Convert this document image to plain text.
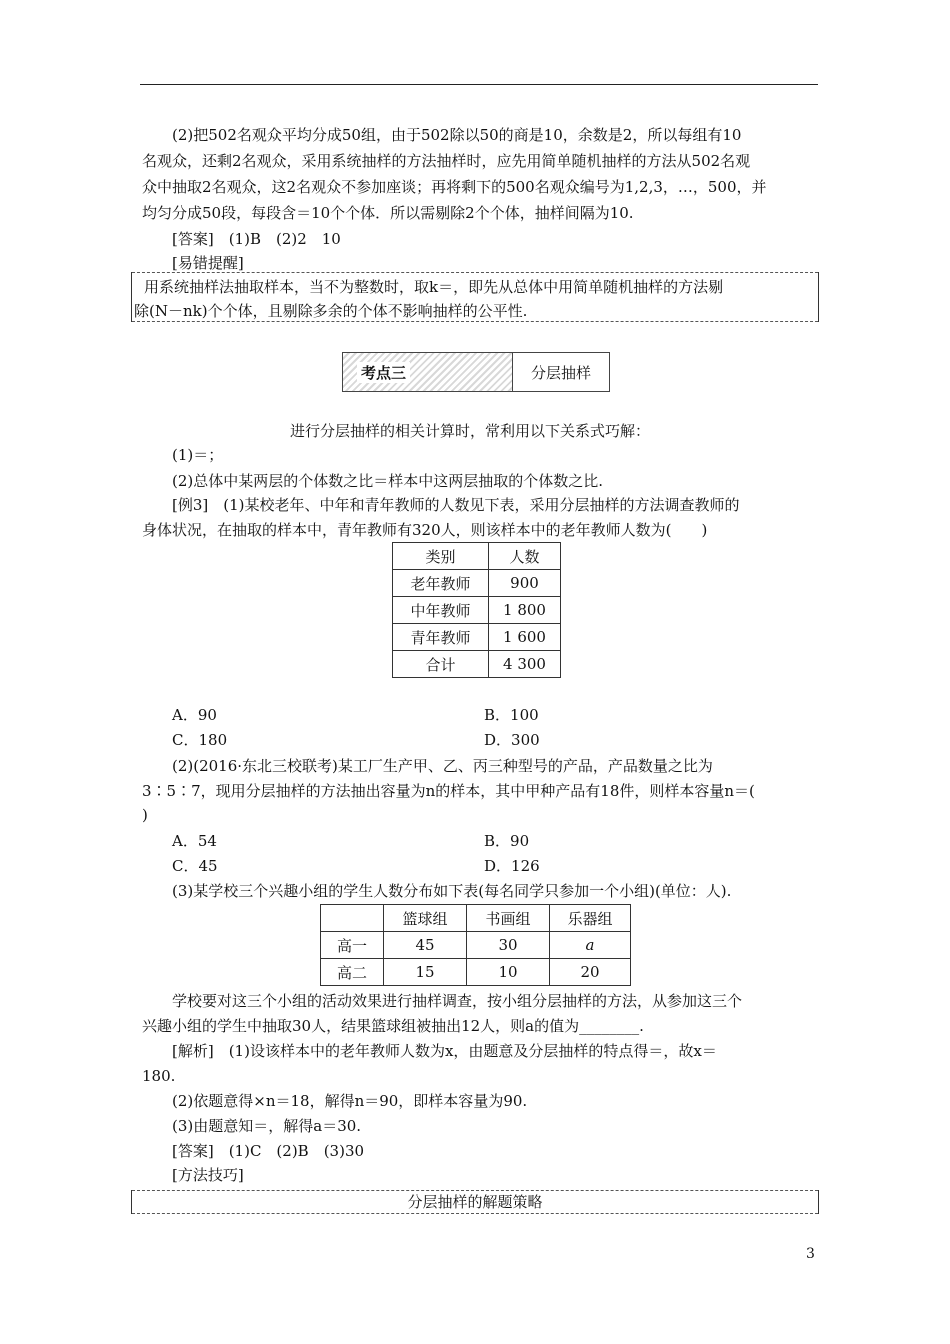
(2)把502名观众平均分成50组，由于502除以50的商是10，余数是2，所以每组有10
名观众，还剩2名观众，采用系统抽样的方法抽样时，应先用简单随机抽样的方法从502名观
众中抽取2名观众，这2名观众不参加座谈；再将剩下的500名观众编号为1,2,3，…，500，并
均匀分成50段，每段含＝10个个体．所以需剔除2个个体，抽样间隔为10.
[答案]　(1)B　(2)2　10
[易错提醒]
用系统抽样法抽取样本，当不为整数时，取k＝，即先从总体中用简单随机抽样的方法剔
除(N－nk)个个体，且剔除多余的个体不影响抽样的公平性.
考点三	分层抽样
进行分层抽样的相关计算时，常利用以下关系式巧解：
(1)＝；
(2)总体中某两层的个体数之比＝样本中这两层抽取的个体数之比.
[例3]　(1)某校老年、中年和青年教师的人数见下表，采用分层抽样的方法调查教师的
身体状况，在抽取的样本中，青年教师有320人，则该样本中的老年教师人数为(　　)
类别	人数
老年教师	900
中年教师	1 800
青年教师	1 600
合计	4 300
A．90	B．100
C．180	D．300
(2)(2016·东北三校联考)某工厂生产甲、乙、丙三种型号的产品，产品数量之比为
3∶5∶7，现用分层抽样的方法抽出容量为n的样本，其中甲种产品有18件，则样本容量n＝(
)
A．54	B．90
C．45	D．126
(3)某学校三个兴趣小组的学生人数分布如下表(每名同学只参加一个小组)(单位：人).
	篮球组	书画组	乐器组
高一	45	30	a
高二	15	10	20
学校要对这三个小组的活动效果进行抽样调查，按小组分层抽样的方法，从参加这三个
兴趣小组的学生中抽取30人，结果篮球组被抽出12人，则a的值为________.
[解析]　(1)设该样本中的老年教师人数为x，由题意及分层抽样的特点得＝，故x＝
180.
(2)依题意得×n＝18，解得n＝90，即样本容量为90.
(3)由题意知＝，解得a＝30.
[答案]　(1)C　(2)B　(3)30
[方法技巧]
分层抽样的解题策略
3
